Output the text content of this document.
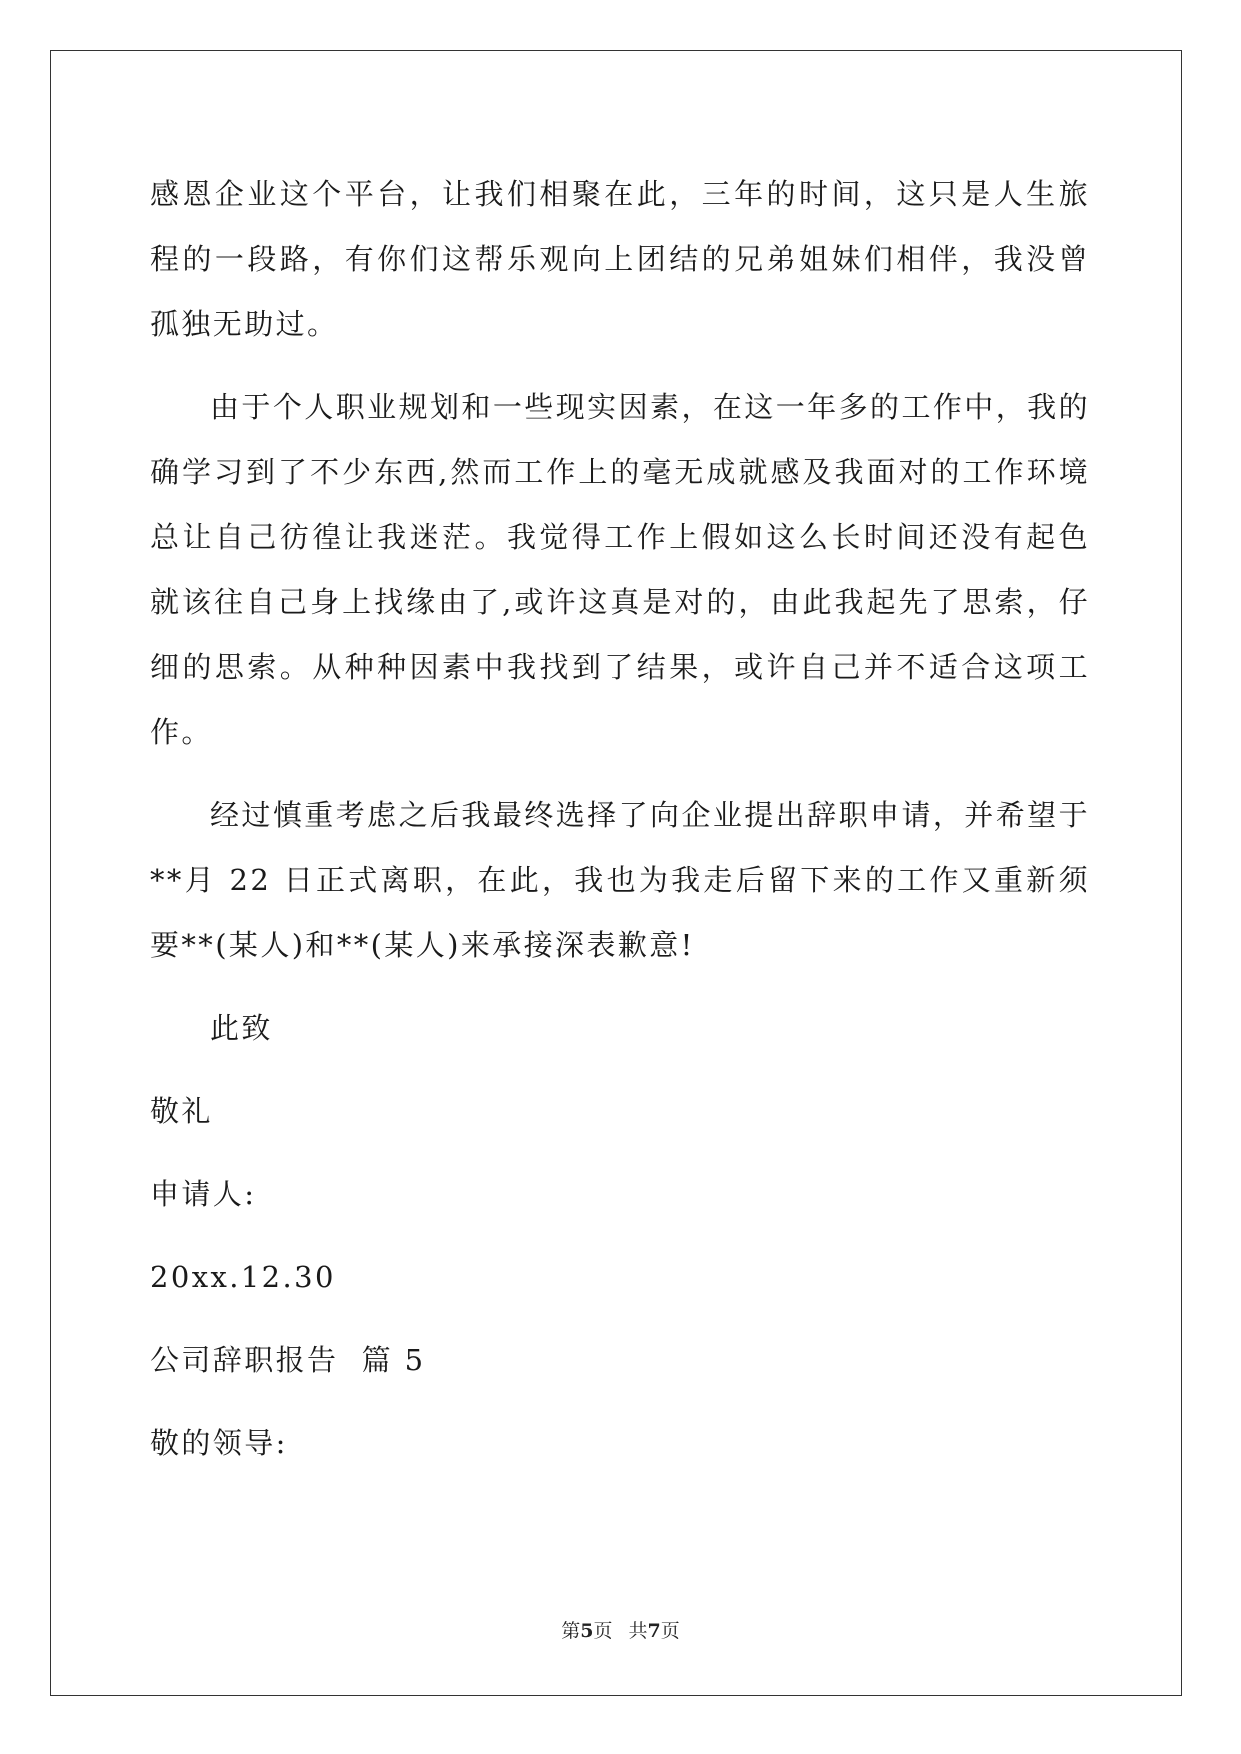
感恩企业这个平台，让我们相聚在此，三年的时间，这只是人生旅程的一段路，有你们这帮乐观向上团结的兄弟姐妹们相伴，我没曾孤独无助过。

由于个人职业规划和一些现实因素，在这一年多的工作中，我的确学习到了不少东西,然而工作上的毫无成就感及我面对的工作环境总让自己彷徨让我迷茫。我觉得工作上假如这么长时间还没有起色就该往自己身上找缘由了,或许这真是对的，由此我起先了思索，仔细的思索。从种种因素中我找到了结果，或许自己并不适合这项工作。

经过慎重考虑之后我最终选择了向企业提出辞职申请，并希望于**月 22 日正式离职，在此，我也为我走后留下来的工作又重新须要**(某人)和**(某人)来承接深表歉意!

此致
敬礼
申请人:
20xx.12.30
公司辞职报告  篇 5
敬的领导:
第5页 共7页
